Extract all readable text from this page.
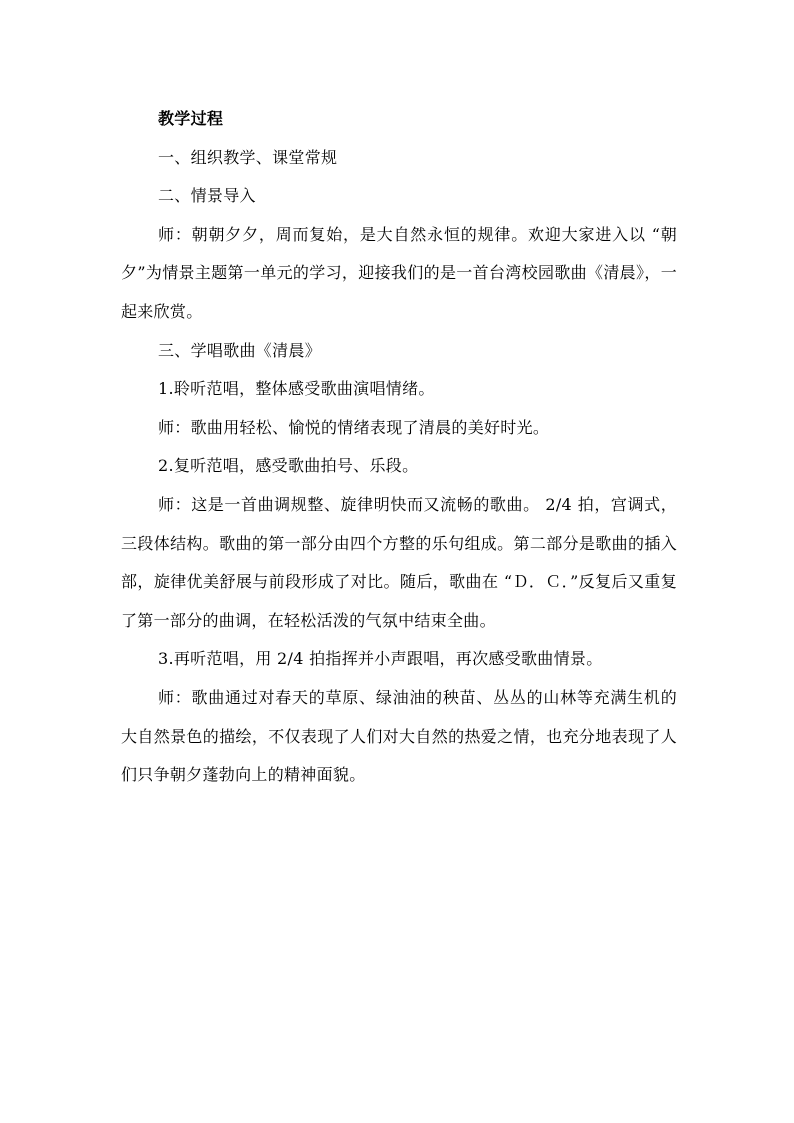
教学过程

一、组织教学、课堂常规

二、情景导入

师：朝朝夕夕，周而复始，是大自然永恒的规律。欢迎大家进入以 “朝夕”为情景主题第一单元的学习，迎接我们的是一首台湾校园歌曲《清晨》，一起来欣赏。

三、学唱歌曲《清晨》

1.聆听范唱，整体感受歌曲演唱情绪。

师：歌曲用轻松、愉悦的情绪表现了清晨的美好时光。

2.复听范唱，感受歌曲拍号、乐段。

师：这是一首曲调规整、旋律明快而又流畅的歌曲。 2/4 拍，宫调式，三段体结构。歌曲的第一部分由四个方整的乐句组成。第二部分是歌曲的插入部，旋律优美舒展与前段形成了对比。随后，歌曲在 “Ｄ．Ｃ．”反复后又重复了第一部分的曲调，在轻松活泼的气氛中结束全曲。

3.再听范唱，用 2/4 拍指挥并小声跟唱，再次感受歌曲情景。

师：歌曲通过对春天的草原、绿油油的秧苗、丛丛的山林等充满生机的大自然景色的描绘，不仅表现了人们对大自然的热爱之情，也充分地表现了人们只争朝夕蓬勃向上的精神面貌。
